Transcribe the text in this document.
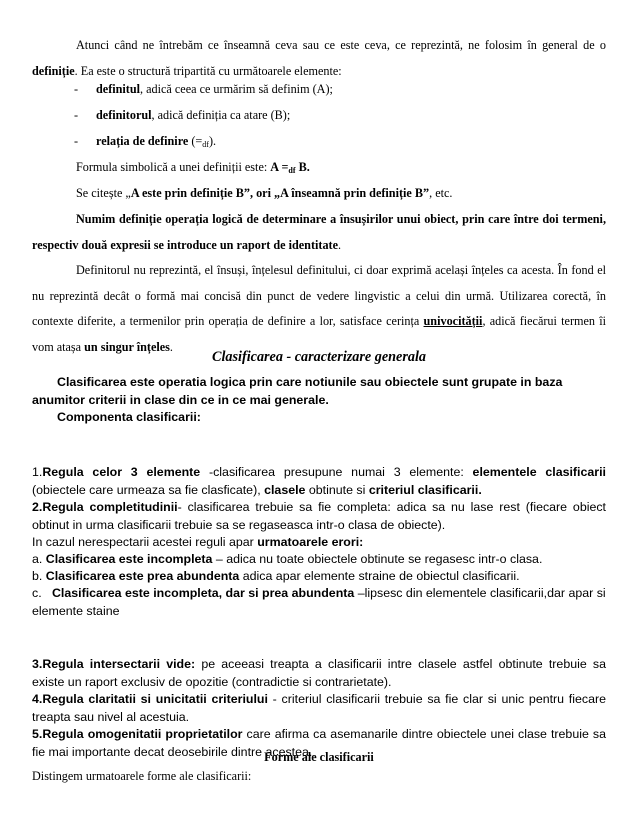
Atunci când ne întrebăm ce înseamnă ceva sau ce este ceva, ce reprezintă, ne folosim în general de o definiție. Ea este o structură tripartită cu următoarele elemente:

- definitul, adică ceea ce urmărim să definim (A);
- definitorul, adică definiția ca atare (B);
- relația de definire $(=_{df})$.

Formula simbolică a unei definiții este: $A =_{df}$ B.

Se citește „A este prin definiție B”, ori „A înseamnă prin definiție B”, etc.

Numim definiție operația logică de determinare a însușirilor unui obiect, prin care între doi termeni, respectiv două expresii se introduce un raport de identitate.

Definitorul nu reprezintă, el însuși, înțelesul definitului, ci doar exprimă același înțeles ca acesta. În fond el nu reprezintă decât o formă mai concisă din punct de vedere lingvistic a celui din urmă. Utilizarea corectă, în contexte diferite, a termenilor prin operația de definire a lor, satisface cerința univocității, adică fiecărui termen îi vom atașa un singur înțeles.

Clasificarea - caracterizare generala

Clasificarea este operatia logica prin care notiunile sau obiectele sunt grupate in baza anumitor criterii in clase din ce in ce mai generale.

Componenta clasificarii:

1.Regula celor 3 elemente -clasificarea presupune numai 3 elemente: elementele clasificarii (obiectele care urmeaza sa fie clasficate), clasele obtinute si criteriul clasificarii.

2.Regula completitudinii- clasificarea trebuie sa fie completa: adica sa nu lase rest (fiecare obiect obtinut in urma clasificarii trebuie sa se regaseasca intr-o clasa de obiecte).

In cazul nerespectarii acestei reguli apar urmatoarele erori:

a. Clasificarea este incompleta – adica nu toate obiectele obtinute se regasesc intr-o clasa.

b. Clasificarea este prea abundenta adica apar elemente straine de obiectul clasificarii.

c.   Clasificarea este incompleta, dar si prea abundenta –lipsesc din elementele clasificarii,dar apar si elemente staine

3.Regula intersectarii vide: pe aceeasi treapta a clasificarii intre clasele astfel obtinute trebuie sa existe un raport exclusiv de opozitie (contradictie si contrarietate).

4.Regula claritatii si unicitatii criteriului - criteriul clasificarii trebuie sa fie clar si unic pentru fiecare treapta sau nivel al acestuia.

5.Regula omogenitatii proprietatilor care afirma ca asemanarile dintre obiectele unei clase trebuie sa fie mai importante decat deosebirile dintre acestea.

Forme ale clasificarii

Distingem urmatoarele forme ale clasificarii:
